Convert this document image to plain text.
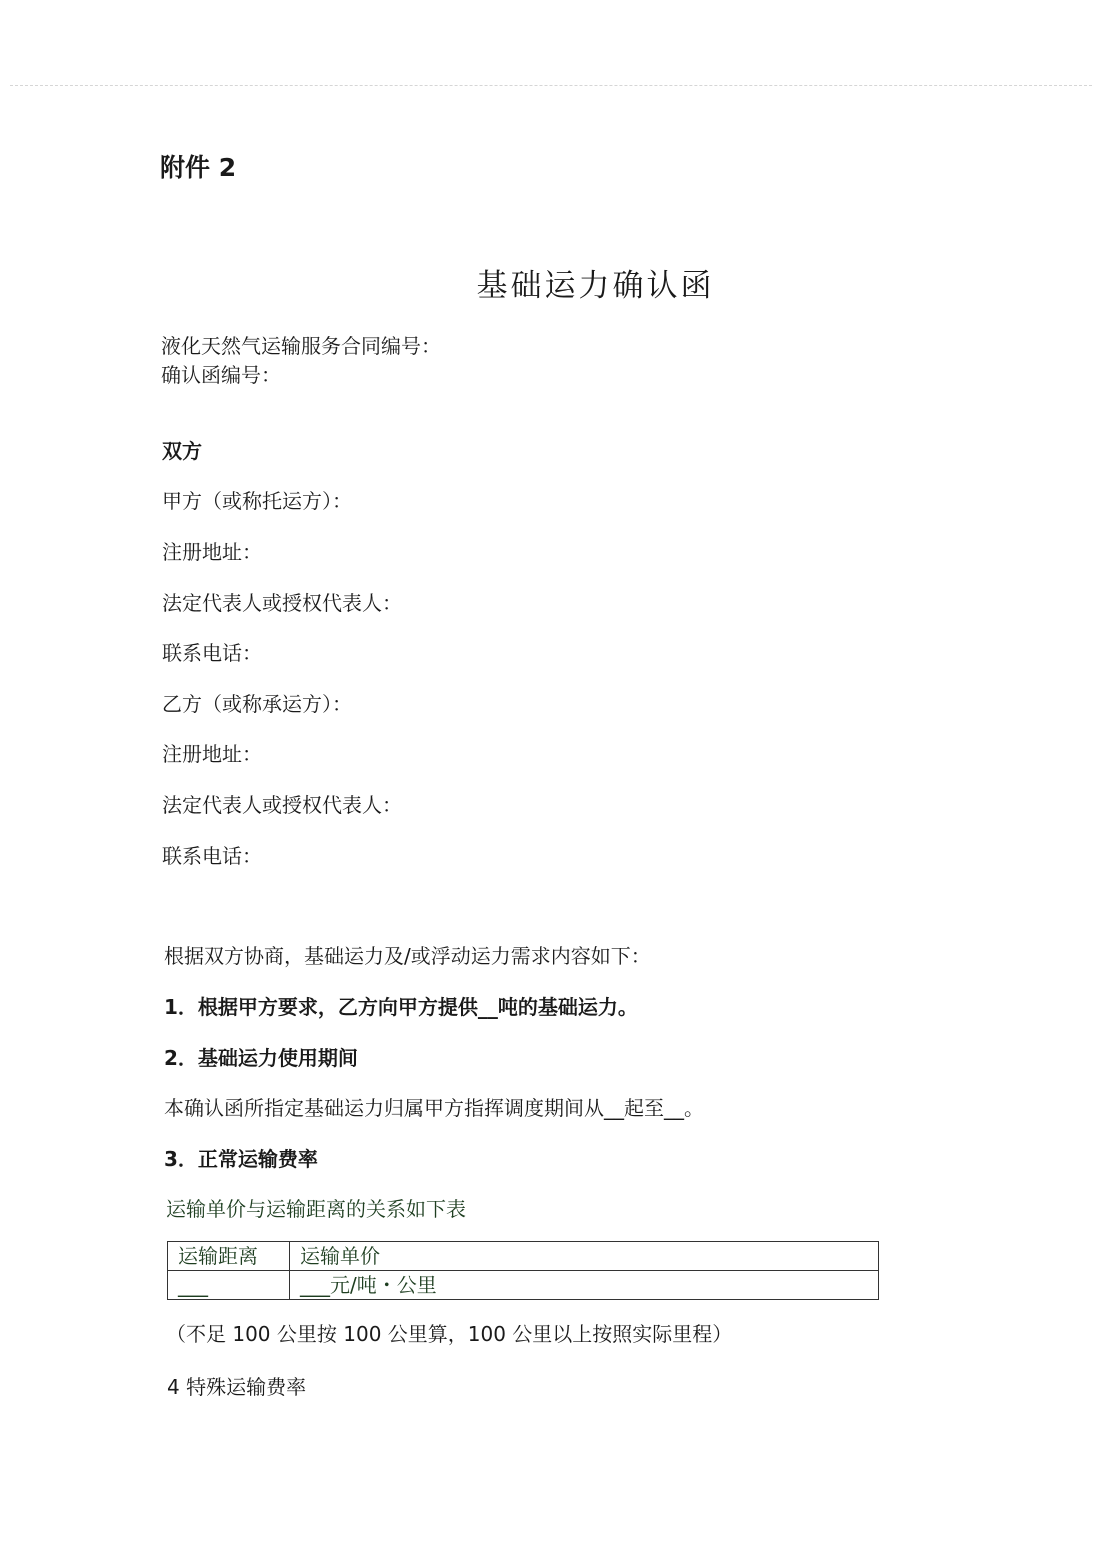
附件 2
基础运力确认函
液化天然气运输服务合同编号：
确认函编号：
双方
甲方（或称托运方）：
注册地址：
法定代表人或授权代表人：
联系电话：
乙方（或称承运方）：
注册地址：
法定代表人或授权代表人：
联系电话：
根据双方协商，基础运力及/或浮动运力需求内容如下：
1．根据甲方要求，乙方向甲方提供__吨的基础运力。
2．基础运力使用期间
本确认函所指定基础运力归属甲方指挥调度期间从__起至__。
3．正常运输费率
运输单价与运输距离的关系如下表
运输距离	运输单价
___	___元/吨・公里
（不足 100 公里按 100 公里算，100 公里以上按照实际里程）
4 特殊运输费率
